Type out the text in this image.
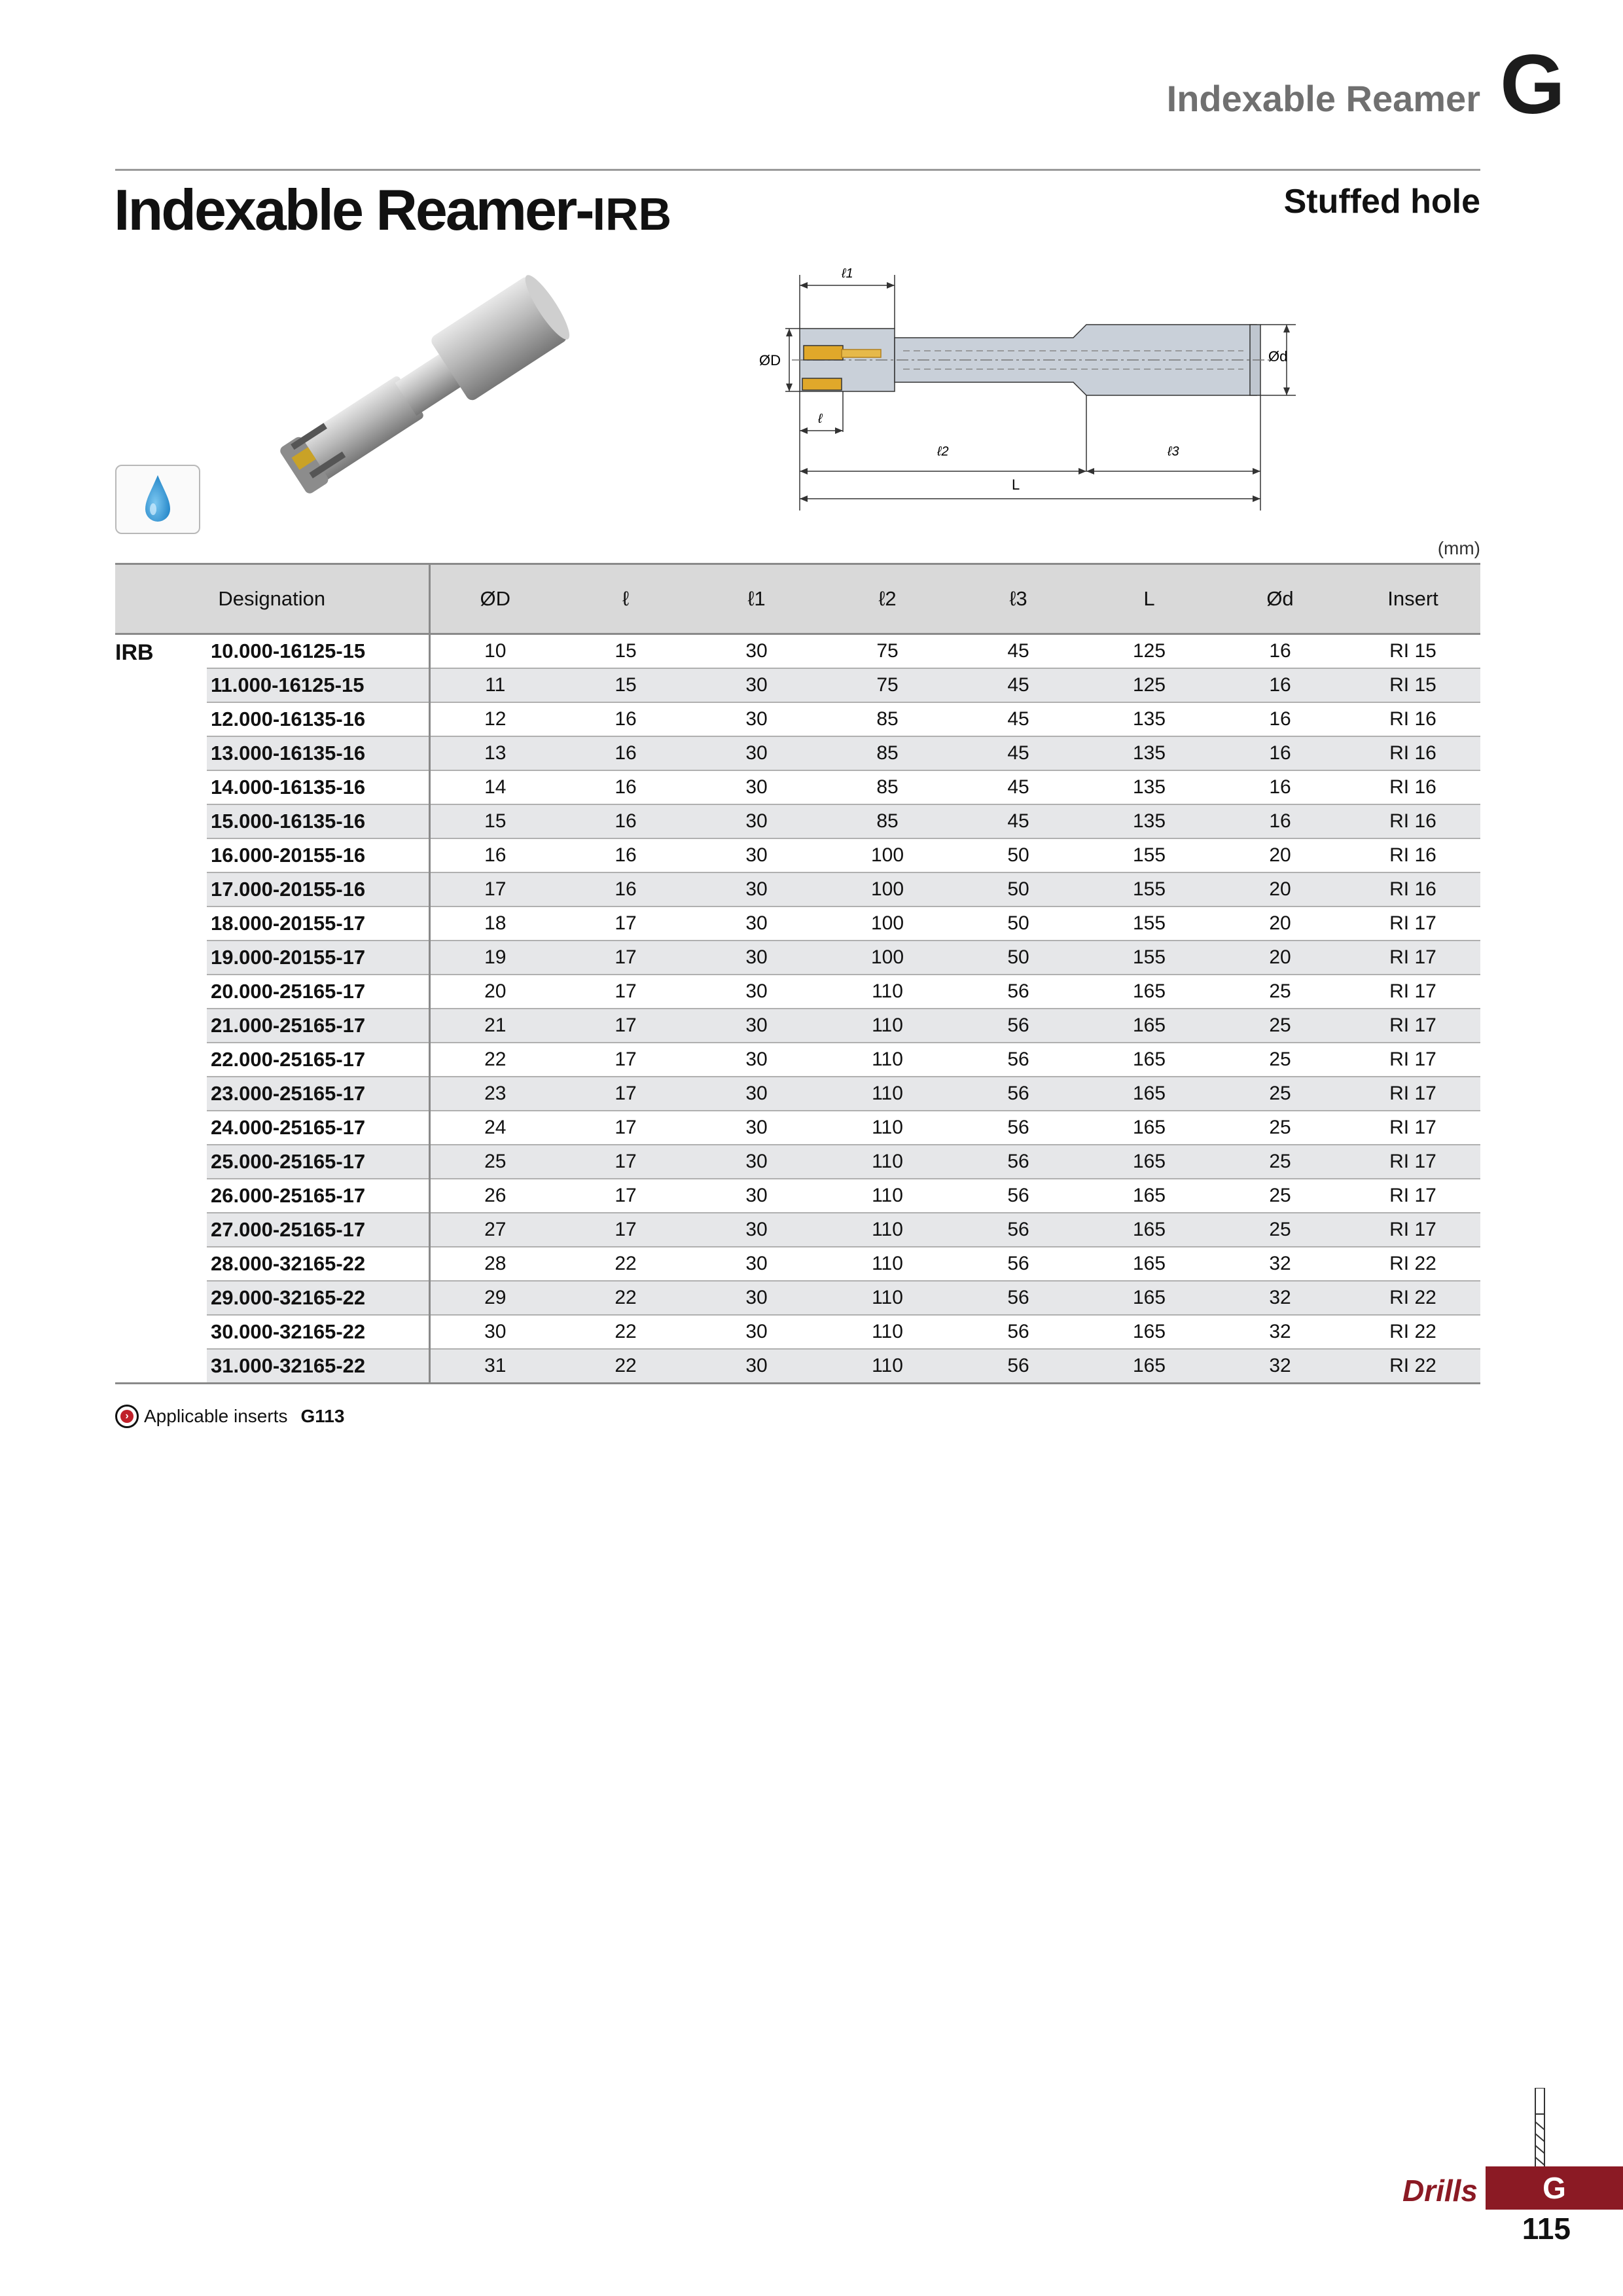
Indexable Reamer G
Indexable Reamer-IRB	Stuffed hole
ℓ1
ØD	Ød
ℓ
ℓ2	ℓ3
L
(mm)
Designation		ØD	ℓ	ℓ1	ℓ2	ℓ3	L	Ød	Insert
IRB	10.000-16125-15	10	15	30	75	45	125	16	RI 15
	11.000-16125-15	11	15	30	75	45	125	16	RI 15
	12.000-16135-16	12	16	30	85	45	135	16	RI 16
	13.000-16135-16	13	16	30	85	45	135	16	RI 16
	14.000-16135-16	14	16	30	85	45	135	16	RI 16
	15.000-16135-16	15	16	30	85	45	135	16	RI 16
	16.000-20155-16	16	16	30	100	50	155	20	RI 16
	17.000-20155-16	17	16	30	100	50	155	20	RI 16
	18.000-20155-17	18	17	30	100	50	155	20	RI 17
	19.000-20155-17	19	17	30	100	50	155	20	RI 17
	20.000-25165-17	20	17	30	110	56	165	25	RI 17
	21.000-25165-17	21	17	30	110	56	165	25	RI 17
	22.000-25165-17	22	17	30	110	56	165	25	RI 17
	23.000-25165-17	23	17	30	110	56	165	25	RI 17
	24.000-25165-17	24	17	30	110	56	165	25	RI 17
	25.000-25165-17	25	17	30	110	56	165	25	RI 17
	26.000-25165-17	26	17	30	110	56	165	25	RI 17
	27.000-25165-17	27	17	30	110	56	165	25	RI 17
	28.000-32165-22	28	22	30	110	56	165	32	RI 22
	29.000-32165-22	29	22	30	110	56	165	32	RI 22
	30.000-32165-22	30	22	30	110	56	165	32	RI 22
	31.000-32165-22	31	22	30	110	56	165	32	RI 22
› Applicable inserts G113
Drills	G
115
